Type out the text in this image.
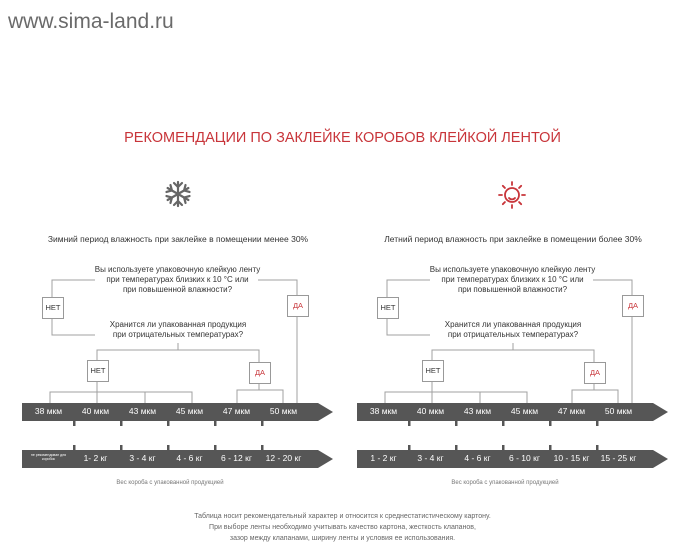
www.sima-land.ru
РЕКОМЕНДАЦИИ ПО ЗАКЛЕЙКЕ КОРОБОВ КЛЕЙКОЙ ЛЕНТОЙ
Зимний период влажность при заклейке в помещении менее 30%
Вы используете упаковочную клейкую ленту
при температурах близких к 10 °С или
при повышенной влажности?
Хранится ли упакованная продукция
при отрицательных температурах?
НЕТ	ДА
НЕТ	ДА
38 мкм	40 мкм	43 мкм	45 мкм	47 мкм	50 мкм
не рекомендован для коробок	1- 2 кг	3 - 4 кг	4 - 6 кг	6 - 12 кг	12 - 20 кг
Вес короба с упакованной продукцией
Летний период влажность при заклейке в помещении более 30%
Вы используете упаковочную клейкую ленту
при температурах близких к 10 °С или
при повышенной влажности?
Хранится ли упакованная продукция
при отрицательных температурах?
НЕТ	ДА
НЕТ	ДА
38 мкм	40 мкм	43 мкм	45 мкм	47 мкм	50 мкм
1 - 2 кг	3 - 4 кг	4 - 6 кг	6 - 10 кг	10 - 15 кг	15 - 25 кг
Вес короба с упакованной продукцией
Таблица носит рекомендательный характер и относится к среднестатистическому картону.
При выборе ленты необходимо учитывать качество картона, жесткость клапанов,
зазор между клапанами, ширину ленты и условия ее использования.
